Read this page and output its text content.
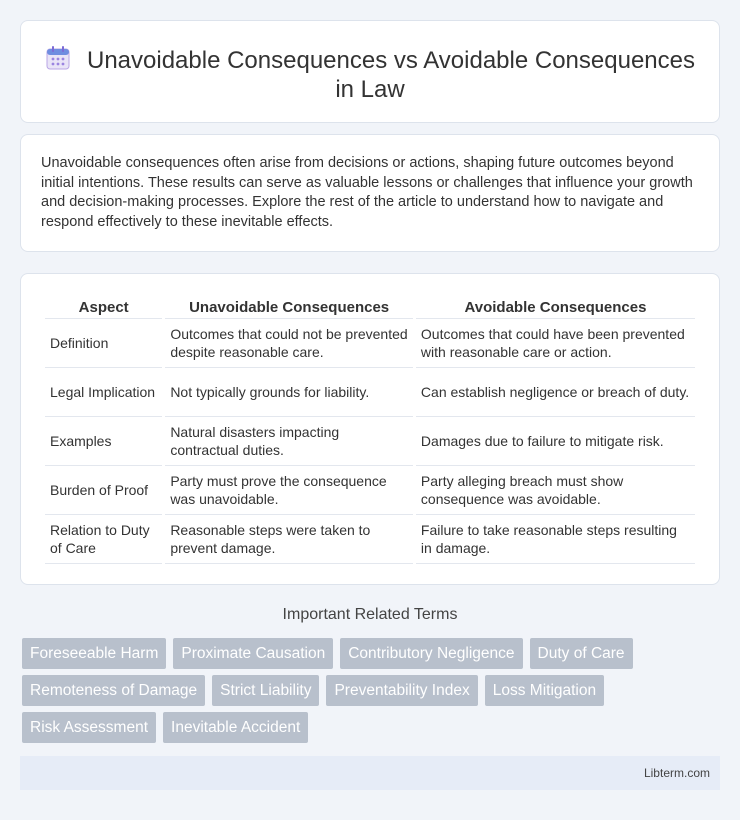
Unavoidable Consequences vs Avoidable Consequences in Law

Unavoidable consequences often arise from decisions or actions, shaping future outcomes beyond initial intentions. These results can serve as valuable lessons or challenges that influence your growth and decision-making processes. Explore the rest of the article to understand how to navigate and respond effectively to these inevitable effects.

Aspect	Unavoidable Consequences	Avoidable Consequences
Definition	Outcomes that could not be prevented despite reasonable care.	Outcomes that could have been prevented with reasonable care or action.
Legal Implication	Not typically grounds for liability.	Can establish negligence or breach of duty.
Examples	Natural disasters impacting contractual duties.	Damages due to failure to mitigate risk.
Burden of Proof	Party must prove the consequence was unavoidable.	Party alleging breach must show consequence was avoidable.
Relation to Duty of Care	Reasonable steps were taken to prevent damage.	Failure to take reasonable steps resulting in damage.
Important Related Terms
Foreseeable Harm	Proximate Causation	Contributory Negligence	Duty of Care
Remoteness of Damage	Strict Liability	Preventability Index	Loss Mitigation
Risk Assessment	Inevitable Accident
Libterm.com
